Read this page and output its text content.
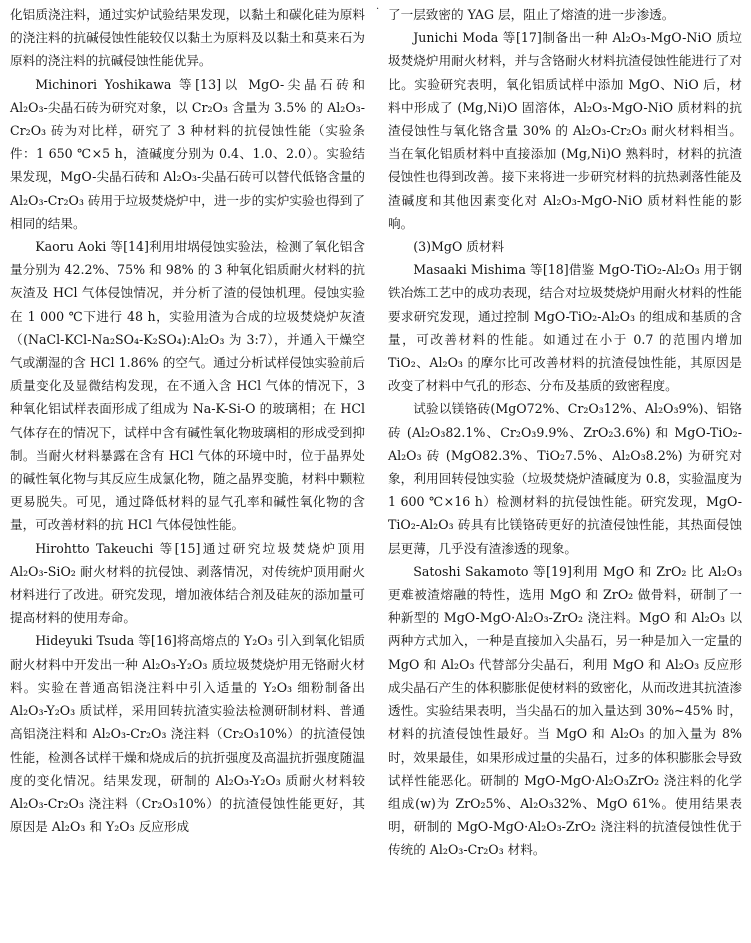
化铝质浇注料，通过实炉试验结果发现，以黏土和碳化硅为原料的浇注料的抗碱侵蚀性能较仅以黏土为原料及以黏土和莫来石为原料的浇注料的抗碱侵蚀性能优异。

Michinori Yoshikawa 等[13]以 MgO-尖晶石砖和 Al₂O₃-尖晶石砖为研究对象，以 Cr₂O₃ 含量为 3.5% 的 Al₂O₃-Cr₂O₃ 砖为对比样，研究了 3 种材料的抗侵蚀性能（实验条件：1 650 ℃×5 h，渣碱度分别为 0.4、1.0、2.0）。实验结果发现，MgO-尖晶石砖和 Al₂O₃-尖晶石砖可以替代低铬含量的 Al₂O₃-Cr₂O₃ 砖用于垃圾焚烧炉中，进一步的实炉实验也得到了相同的结果。

Kaoru Aoki 等[14]利用坩埚侵蚀实验法，检测了氧化铝含量分别为 42.2%、75% 和 98% 的 3 种氧化铝质耐火材料的抗灰渣及 HCl 气体侵蚀情况，并分析了渣的侵蚀机理。侵蚀实验在 1 000 ℃下进行 48 h，实验用渣为合成的垃圾焚烧炉灰渣（(NaCl-KCl-Na₂SO₄-K₂SO₄):Al₂O₃ 为 3:7），并通入干燥空气或潮湿的含 HCl 1.86% 的空气。通过分析试样侵蚀实验前后质量变化及显微结构发现，在不通入含 HCl 气体的情况下，3 种氧化铝试样表面形成了组成为 Na-K-Si-O 的玻璃相；在 HCl 气体存在的情况下，试样中含有碱性氧化物玻璃相的形成受到抑制。当耐火材料暴露在含有 HCl 气体的环境中时，位于晶界处的碱性氧化物与其反应生成氯化物，随之晶界变脆，材料中颗粒更易脱失。可见，通过降低材料的显气孔率和碱性氧化物的含量，可改善材料的抗 HCl 气体侵蚀性能。

Hirohtto Takeuchi 等[15]通过研究垃圾焚烧炉顶用 Al₂O₃-SiO₂ 耐火材料的抗侵蚀、剥落情况，对传统炉顶用耐火材料进行了改进。研究发现，增加液体结合剂及硅灰的添加量可提高材料的使用寿命。

Hideyuki Tsuda 等[16]将高熔点的 Y₂O₃ 引入到氧化铝质耐火材料中开发出一种 Al₂O₃-Y₂O₃ 质垃圾焚烧炉用无铬耐火材料。实验在普通高铝浇注料中引入适量的 Y₂O₃ 细粉制备出 Al₂O₃-Y₂O₃ 质试样，采用回转抗渣实验法检测研制材料、普通高铝浇注料和 Al₂O₃-Cr₂O₃ 浇注料（Cr₂O₃10%）的抗渣侵蚀性能，检测各试样干燥和烧成后的抗折强度及高温抗折强度随温度的变化情况。结果发现，研制的 Al₂O₃-Y₂O₃ 质耐火材料较 Al₂O₃-Cr₂O₃ 浇注料（Cr₂O₃10%）的抗渣侵蚀性能更好，其原因是 Al₂O₃ 和 Y₂O₃ 反应形成

· 了一层致密的 YAG 层，阻止了熔渣的进一步渗透。

Junichi Moda 等[17]制备出一种 Al₂O₃-MgO-NiO 质垃圾焚烧炉用耐火材料，并与含铬耐火材料抗渣侵蚀性能进行了对比。实验研究表明，氧化铝质试样中添加 MgO、NiO 后，材料中形成了 (Mg,Ni)O 固溶体，Al₂O₃-MgO-NiO 质材料的抗渣侵蚀性与氧化铬含量 30% 的 Al₂O₃-Cr₂O₃ 耐火材料相当。当在氧化铝质材料中直接添加 (Mg,Ni)O 熟料时，材料的抗渣侵蚀性也得到改善。接下来将进一步研究材料的抗热剥落性能及渣碱度和其他因素变化对 Al₂O₃-MgO-NiO 质材料性能的影响。

(3)MgO 质材料

Masaaki Mishima 等[18]借鉴 MgO-TiO₂-Al₂O₃ 用于钢铁冶炼工艺中的成功表现，结合对垃圾焚烧炉用耐火材料的性能要求研究发现，通过控制 MgO-TiO₂-Al₂O₃ 的组成和基质的含量，可改善材料的性能。如通过在小于 0.7 的范围内增加 TiO₂、Al₂O₃ 的摩尔比可改善材料的抗渣侵蚀性能，其原因是改变了材料中气孔的形态、分布及基质的致密程度。

试验以镁铬砖(MgO72%、Cr₂O₃12%、Al₂O₃9%)、铝铬砖 (Al₂O₃82.1%、Cr₂O₃9.9%、ZrO₂3.6%) 和 MgO-TiO₂-Al₂O₃ 砖 (MgO82.3%、TiO₂7.5%、Al₂O₃8.2%) 为研究对象，利用回转侵蚀实验（垃圾焚烧炉渣碱度为 0.8，实验温度为 1 600 ℃×16 h）检测材料的抗侵蚀性能。研究发现，MgO-TiO₂-Al₂O₃ 砖具有比镁铬砖更好的抗渣侵蚀性能，其热面侵蚀层更薄，几乎没有渣渗透的现象。

Satoshi Sakamoto 等[19]利用 MgO 和 ZrO₂ 比 Al₂O₃ 更难被渣熔融的特性，选用 MgO 和 ZrO₂ 做骨料，研制了一种新型的 MgO-MgO·Al₂O₃-ZrO₂ 浇注料。MgO 和 Al₂O₃ 以两种方式加入，一种是直接加入尖晶石，另一种是加入一定量的 MgO 和 Al₂O₃ 代替部分尖晶石，利用 MgO 和 Al₂O₃ 反应形成尖晶石产生的体积膨胀促使材料的致密化，从而改进其抗渣渗透性。实验结果表明，当尖晶石的加入量达到 30%~45% 时，材料的抗渣侵蚀性最好。当 MgO 和 Al₂O₃ 的加入量为 8% 时，效果最佳，如果形成过量的尖晶石，过多的体积膨胀会导致试样性能恶化。研制的 MgO-MgO·Al₂O₃ZrO₂ 浇注料的化学组成(w)为 ZrO₂5%、Al₂O₃32%、MgO 61%。使用结果表明，研制的 MgO-MgO·Al₂O₃-ZrO₂ 浇注料的抗渣侵蚀性优于传统的 Al₂O₃-Cr₂O₃ 材料。
